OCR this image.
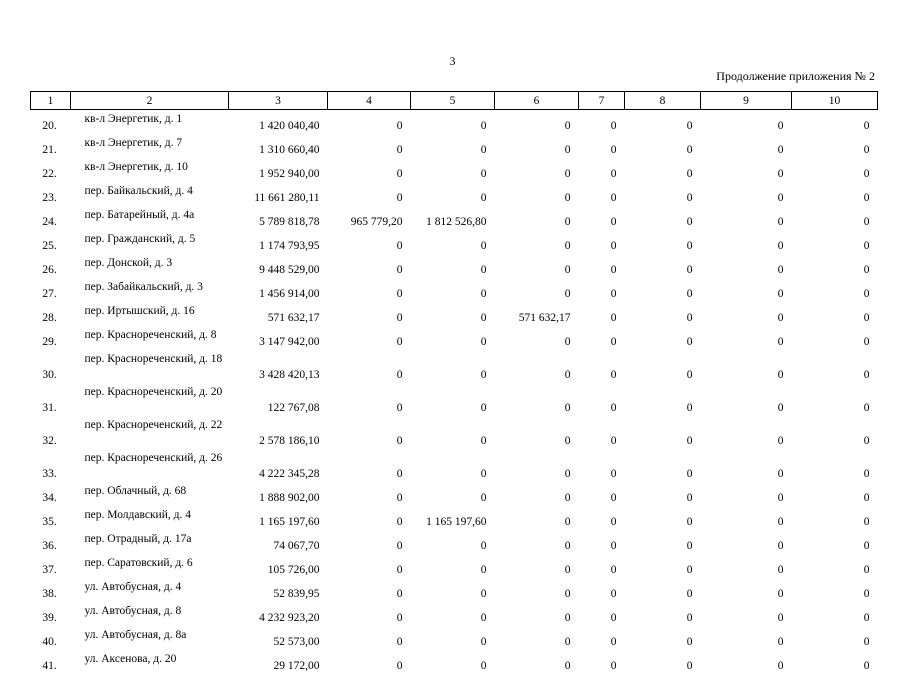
3
Продолжение приложения № 2
1	2	3	4	5	6	7	8	9	10
20.	кв-л Энергетик, д. 1	1 420 040,40	0	0	0	0	0	0	0
21.	кв-л Энергетик, д. 7	1 310 660,40	0	0	0	0	0	0	0
22.	кв-л Энергетик, д. 10	1 952 940,00	0	0	0	0	0	0	0
23.	пер. Байкальский, д. 4	11 661 280,11	0	0	0	0	0	0	0
24.	пер. Батарейный, д. 4а	5 789 818,78	965 779,20	1 812 526,80	0	0	0	0	0
25.	пер. Гражданский, д. 5	1 174 793,95	0	0	0	0	0	0	0
26.	пер. Донской, д. 3	9 448 529,00	0	0	0	0	0	0	0
27.	пер. Забайкальский, д. 3	1 456 914,00	0	0	0	0	0	0	0
28.	пер. Иртышский, д. 16	571 632,17	0	0	571 632,17	0	0	0	0
29.	пер. Краснореченский, д. 8	3 147 942,00	0	0	0	0	0	0	0
30.	пер. Краснореченский, д. 18	3 428 420,13	0	0	0	0	0	0	0
31.	пер. Краснореченский, д. 20	122 767,08	0	0	0	0	0	0	0
32.	пер. Краснореченский, д. 22	2 578 186,10	0	0	0	0	0	0	0
33.	пер. Краснореченский, д. 26	4 222 345,28	0	0	0	0	0	0	0
34.	пер. Облачный, д. 68	1 888 902,00	0	0	0	0	0	0	0
35.	пер. Молдавский, д. 4	1 165 197,60	0	1 165 197,60	0	0	0	0	0
36.	пер. Отрадный, д. 17а	74 067,70	0	0	0	0	0	0	0
37.	пер. Саратовский, д. 6	105 726,00	0	0	0	0	0	0	0
38.	ул. Автобусная, д. 4	52 839,95	0	0	0	0	0	0	0
39.	ул. Автобусная, д. 8	4 232 923,20	0	0	0	0	0	0	0
40.	ул. Автобусная, д. 8а	52 573,00	0	0	0	0	0	0	0
41.	ул. Аксенова, д. 20	29 172,00	0	0	0	0	0	0	0
